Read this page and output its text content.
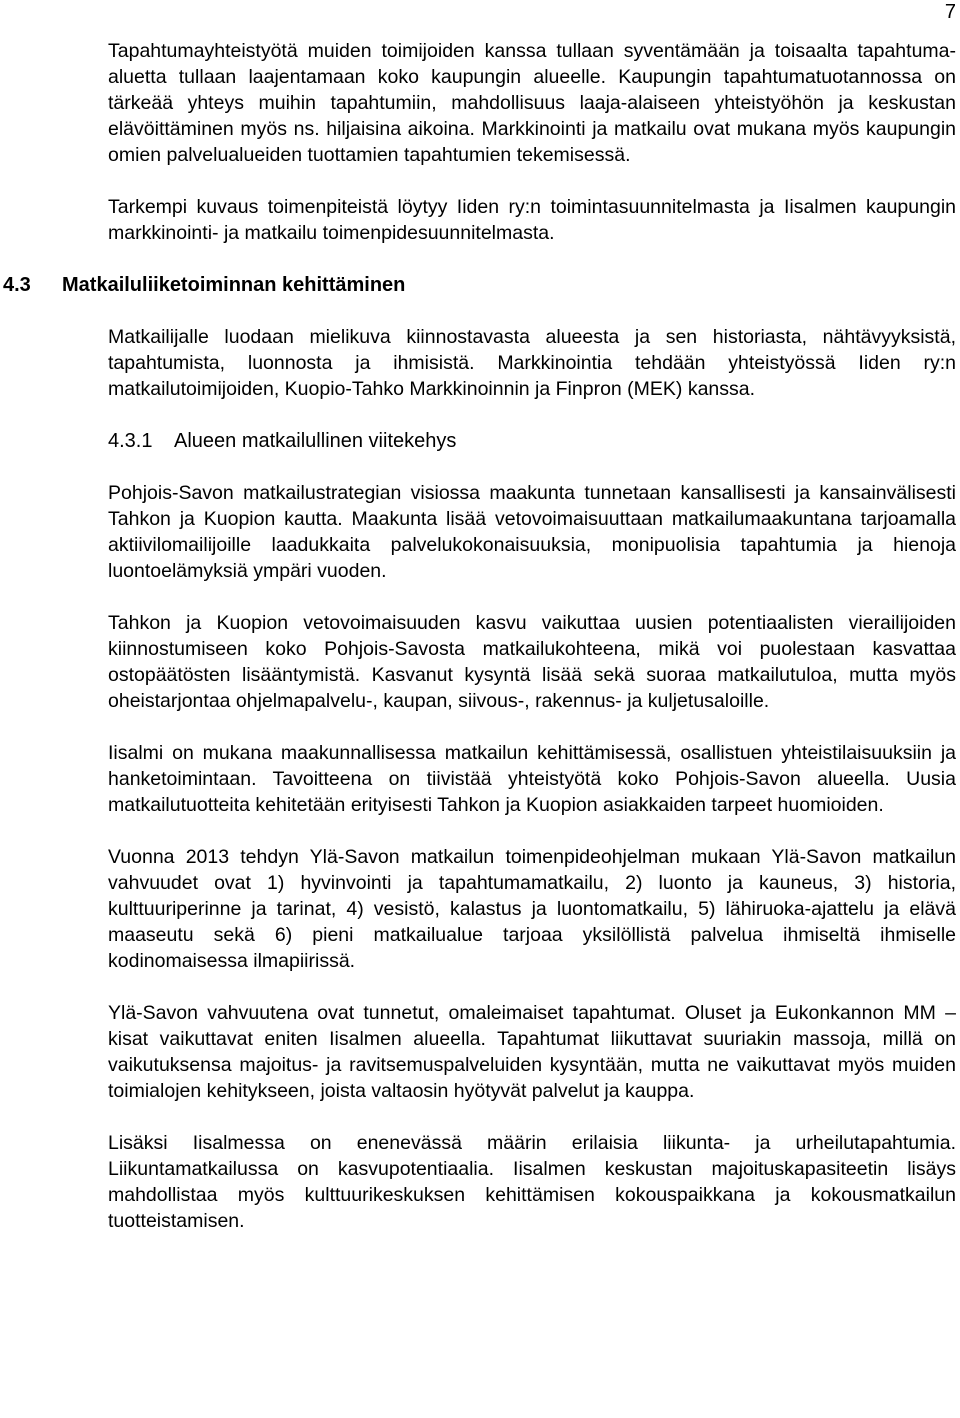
7

Tapahtumayhteistyötä muiden toimijoiden kanssa tullaan syventämään ja toisaalta tapahtuma-aluetta tullaan laajentamaan koko kaupungin alueelle. Kaupungin tapahtumatuotannossa on tärkeää yhteys muihin tapahtumiin, mahdollisuus laaja-alaiseen yhteistyöhön ja keskustan elävöittäminen myös ns. hiljaisina aikoina. Markkinointi ja matkailu ovat mukana myös kaupungin omien palvelualueiden tuottamien tapahtumien tekemisessä.

Tarkempi kuvaus toimenpiteistä löytyy Iiden ry:n toimintasuunnitelmasta ja Iisalmen kaupungin markkinointi- ja matkailu toimenpidesuunnitelmasta.

4.3 Matkailuliiketoiminnan kehittäminen

Matkailijalle luodaan mielikuva kiinnostavasta alueesta ja sen historiasta, nähtävyyksistä, tapahtumista, luonnosta ja ihmisistä. Markkinointia tehdään yhteistyössä Iiden ry:n matkailutoimijoiden, Kuopio-Tahko Markkinoinnin ja Finpron (MEK) kanssa.

4.3.1 Alueen matkailullinen viitekehys

Pohjois-Savon matkailustrategian visiossa maakunta tunnetaan kansallisesti ja kansainvälisesti Tahkon ja Kuopion kautta. Maakunta lisää vetovoimaisuuttaan matkailumaakuntana tarjoamalla aktiivilomailijoille laadukkaita palvelukokonaisuuksia, monipuolisia tapahtumia ja hienoja luontoelämyksiä ympäri vuoden.

Tahkon ja Kuopion vetovoimaisuuden kasvu vaikuttaa uusien potentiaalisten vierailijoiden kiinnostumiseen koko Pohjois-Savosta matkailukohteena, mikä voi puolestaan kasvattaa ostopäätösten lisääntymistä. Kasvanut kysyntä lisää sekä suoraa matkailutuloa, mutta myös oheistarjontaa ohjelmapalvelu-, kaupan, siivous-, rakennus- ja kuljetusaloille.

Iisalmi on mukana maakunnallisessa matkailun kehittämisessä, osallistuen yhteistilaisuuksiin ja hanketoimintaan. Tavoitteena on tiivistää yhteistyötä koko Pohjois-Savon alueella. Uusia matkailutuotteita kehitetään erityisesti Tahkon ja Kuopion asiakkaiden tarpeet huomioiden.

Vuonna 2013 tehdyn Ylä-Savon matkailun toimenpideohjelman mukaan Ylä-Savon matkailun vahvuudet ovat 1) hyvinvointi ja tapahtumamatkailu, 2) luonto ja kauneus, 3) historia, kulttuuriperinne ja tarinat, 4) vesistö, kalastus ja luontomatkailu, 5) lähiruoka-ajattelu ja elävä maaseutu sekä 6) pieni matkailualue tarjoaa yksilöllistä palvelua ihmiseltä ihmiselle kodinomaisessa ilmapiirissä.

Ylä-Savon vahvuutena ovat tunnetut, omaleimaiset tapahtumat. Oluset ja Eukonkannon MM –kisat vaikuttavat eniten Iisalmen alueella. Tapahtumat liikuttavat suuriakin massoja, millä on vaikutuksensa majoitus- ja ravitsemuspalveluiden kysyntään, mutta ne vaikuttavat myös muiden toimialojen kehitykseen, joista valtaosin hyötyvät palvelut ja kauppa.

Lisäksi Iisalmessa on enenevässä määrin erilaisia liikunta- ja urheilutapahtumia. Liikuntamatkailussa on kasvupotentiaalia. Iisalmen keskustan majoituskapasiteetin lisäys mahdollistaa myös kulttuurikeskuksen kehittämisen kokouspaikkana ja kokousmatkailun tuotteistamisen.
